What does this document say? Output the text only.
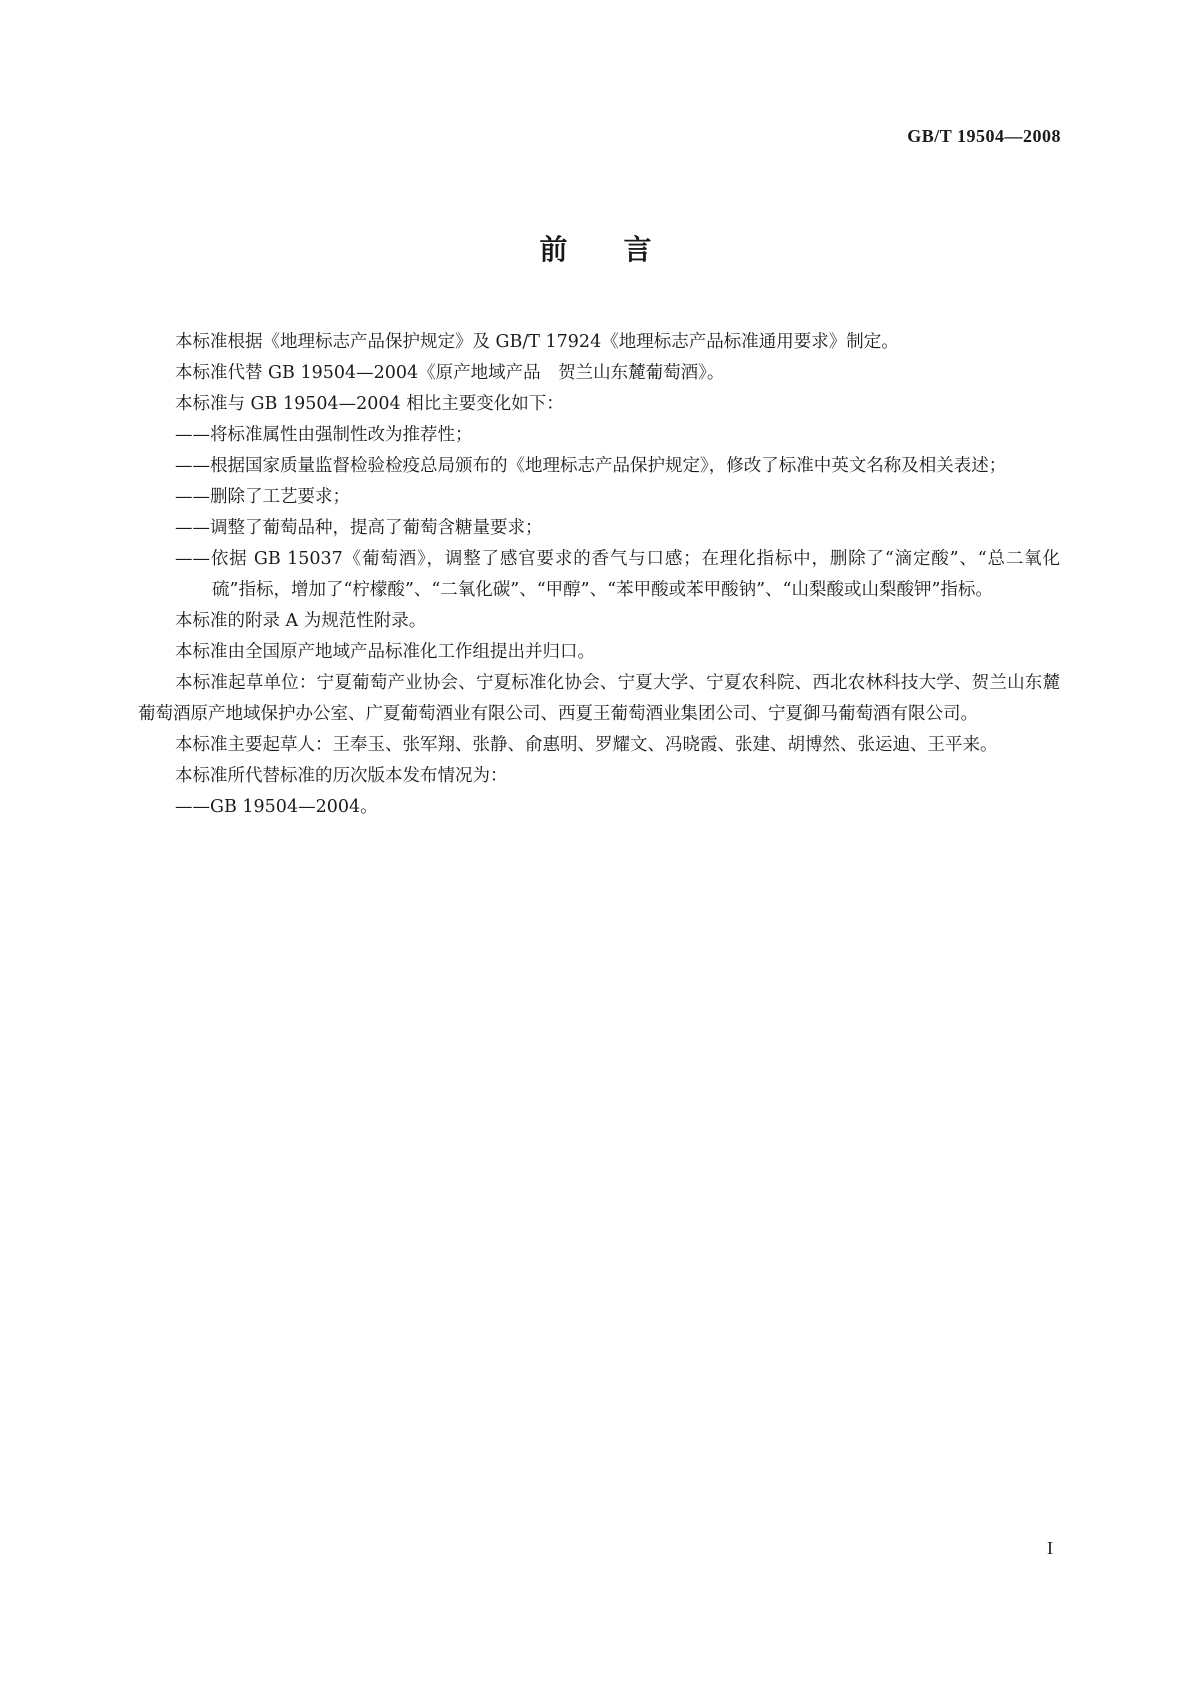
GB/T 19504—2008
前言

本标准根据《地理标志产品保护规定》及 GB/T 17924《地理标志产品标准通用要求》制定。

本标准代替 GB 19504—2004《原产地域产品　贺兰山东麓葡萄酒》。

本标准与 GB 19504—2004 相比主要变化如下：

——将标准属性由强制性改为推荐性；

——根据国家质量监督检验检疫总局颁布的《地理标志产品保护规定》，修改了标准中英文名称及相关表述；

——删除了工艺要求；

——调整了葡萄品种，提高了葡萄含糖量要求；

——依据 GB 15037《葡萄酒》，调整了感官要求的香气与口感；在理化指标中，删除了“滴定酸”、“总二氧化硫”指标，增加了“柠檬酸”、“二氧化碳”、“甲醇”、“苯甲酸或苯甲酸钠”、“山梨酸或山梨酸钾”指标。

本标准的附录 A 为规范性附录。

本标准由全国原产地域产品标准化工作组提出并归口。

本标准起草单位：宁夏葡萄产业协会、宁夏标准化协会、宁夏大学、宁夏农科院、西北农林科技大学、贺兰山东麓葡萄酒原产地域保护办公室、广夏葡萄酒业有限公司、西夏王葡萄酒业集团公司、宁夏御马葡萄酒有限公司。

本标准主要起草人：王奉玉、张军翔、张静、俞惠明、罗耀文、冯晓霞、张建、胡博然、张运迪、王平来。

本标准所代替标准的历次版本发布情况为：

——GB 19504—2004。

I
